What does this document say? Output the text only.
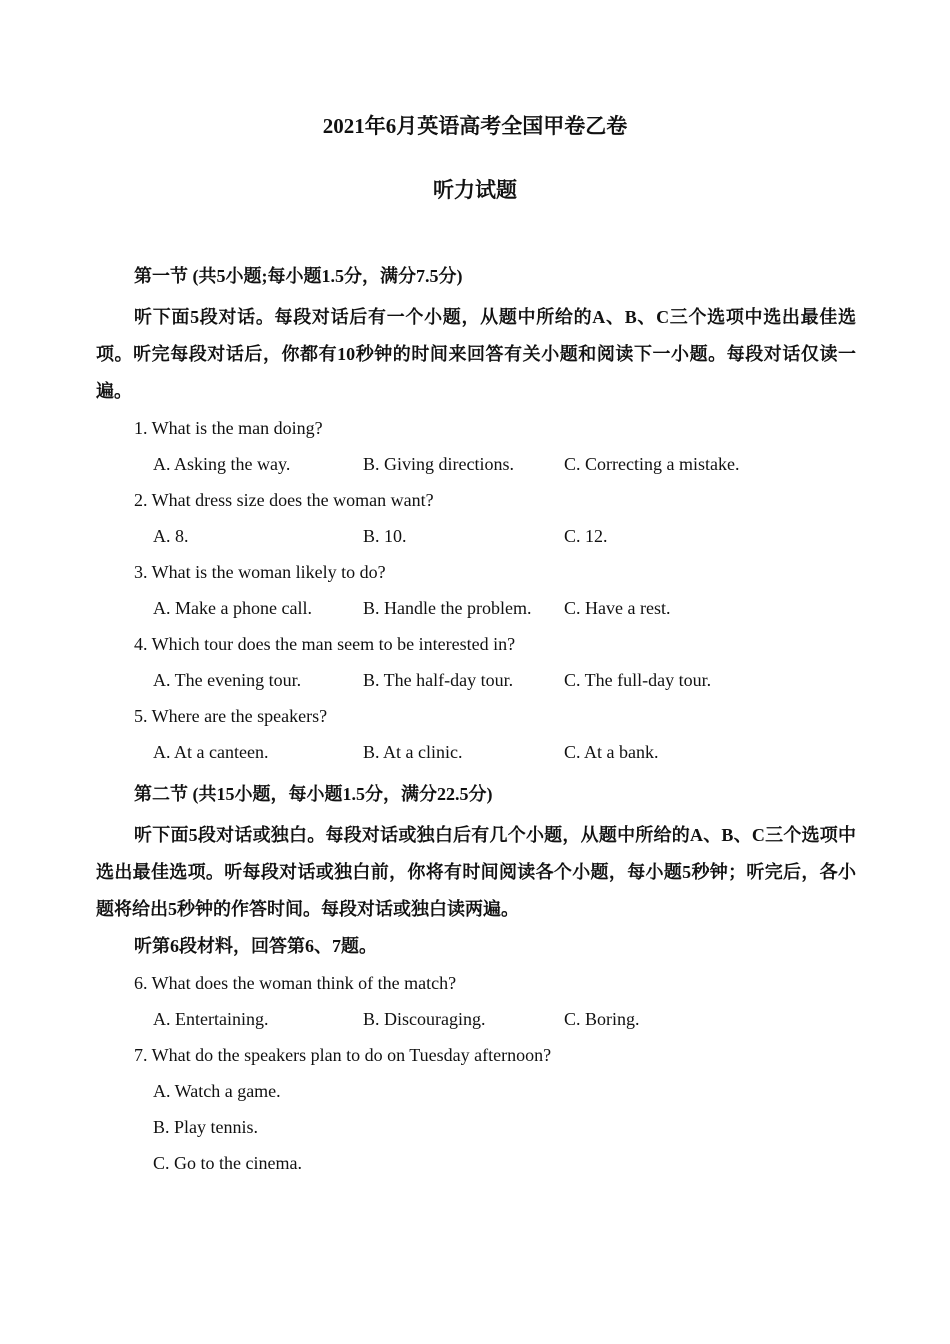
2021年6月英语高考全国甲卷乙卷
听力试题

第一节 (共5小题;每小题1.5分，满分7.5分)

听下面5段对话。每段对话后有一个小题，从题中所给的A、B、C三个选项中选出最佳选项。听完每段对话后，你都有10秒钟的时间来回答有关小题和阅读下一小题。每段对话仅读一遍。

1. What is the man doing?

A. Asking the way.	B. Giving directions.	C. Correcting a mistake.

2. What dress size does the woman want?

A. 8.	B. 10.	C. 12.

3. What is the woman likely to do?

A. Make a phone call.	B. Handle the problem. C. Have a rest.

4. Which tour does the man seem to be interested in?

A. The evening tour.	B. The half-day tour.	C. The full-day tour.

5. Where are the speakers?

A. At a canteen.	B. At a clinic.	C. At a bank.

第二节 (共15小题，每小题1.5分，满分22.5分)

听下面5段对话或独白。每段对话或独白后有几个小题，从题中所给的A、B、C三个选项中选出最佳选项。听每段对话或独白前，你将有时间阅读各个小题，每小题5秒钟；听完后，各小题将给出5秒钟的作答时间。每段对话或独白读两遍。

听第6段材料，回答第6、7题。

6. What does the woman think of the match?

A. Entertaining.	B. Discouraging.	C. Boring.

7. What do the speakers plan to do on Tuesday afternoon?

A. Watch a game.

B. Play tennis.

C. Go to the cinema.
